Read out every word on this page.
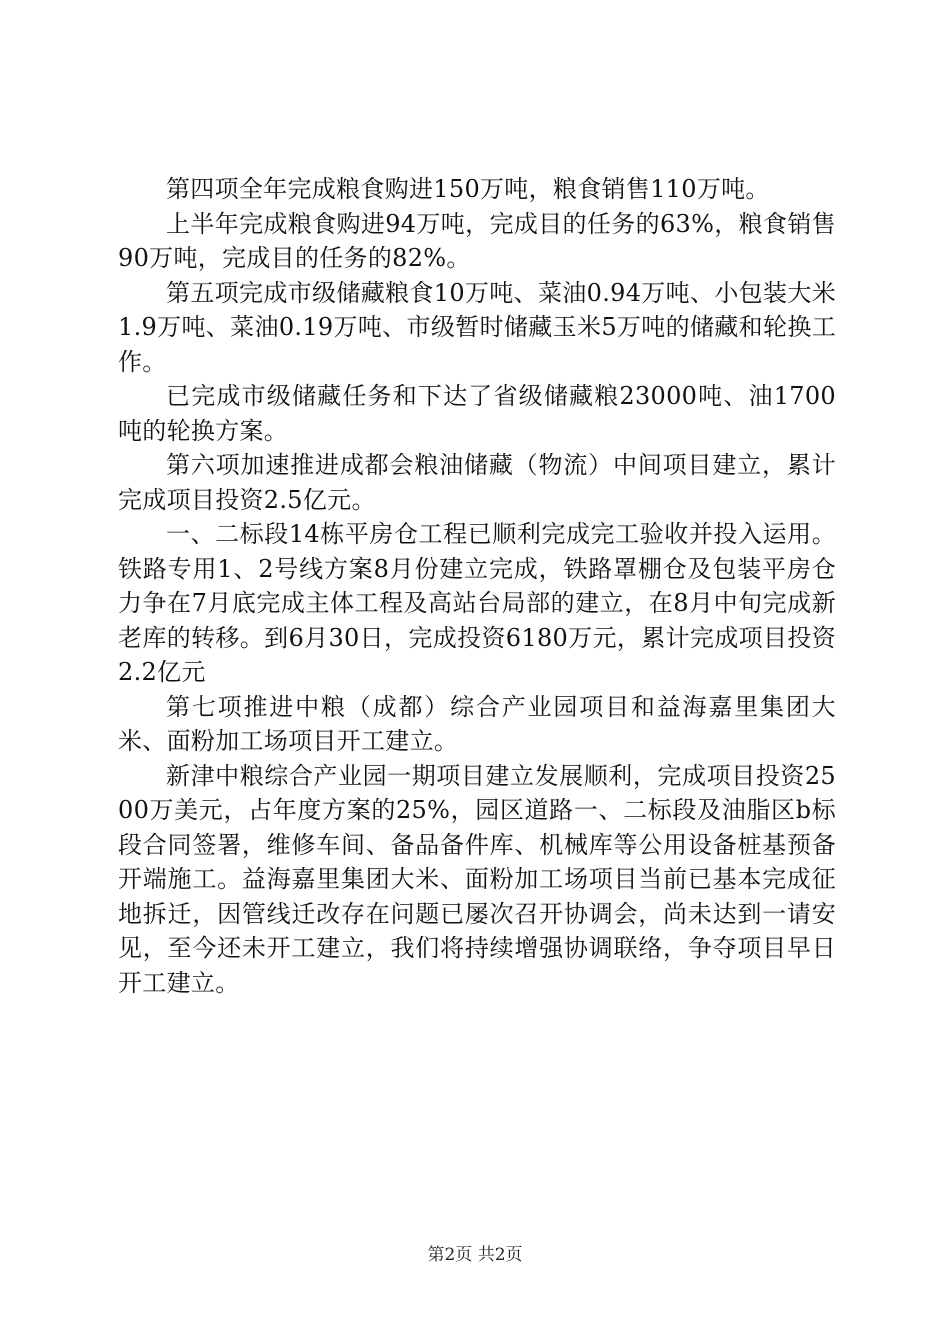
第四项全年完成粮食购进150万吨，粮食销售110万吨。

上半年完成粮食购进94万吨，完成目的任务的63%，粮食销售90万吨，完成目的任务的82%。

第五项完成市级储藏粮食10万吨、菜油0.94万吨、小包装大米1.9万吨、菜油0.19万吨、市级暂时储藏玉米5万吨的储藏和轮换工作。

已完成市级储藏任务和下达了省级储藏粮23000吨、油1700吨的轮换方案。

第六项加速推进成都会粮油储藏（物流）中间项目建立，累计完成项目投资2.5亿元。

一、二标段14栋平房仓工程已顺利完成完工验收并投入运用。铁路专用1、2号线方案8月份建立完成，铁路罩棚仓及包装平房仓力争在7月底完成主体工程及高站台局部的建立，在8月中旬完成新老库的转移。到6月30日，完成投资6180万元，累计完成项目投资2.2亿元

第七项推进中粮（成都）综合产业园项目和益海嘉里集团大米、面粉加工场项目开工建立。

新津中粮综合产业园一期项目建立发展顺利，完成项目投资2500万美元，占年度方案的25%，园区道路一、二标段及油脂区b标段合同签署，维修车间、备品备件库、机械库等公用设备桩基预备开端施工。益海嘉里集团大米、面粉加工场项目当前已基本完成征地拆迁，因管线迁改存在问题已屡次召开协调会，尚未达到一请安见，至今还未开工建立，我们将持续增强协调联络，争夺项目早日开工建立。

第2页 共2页
